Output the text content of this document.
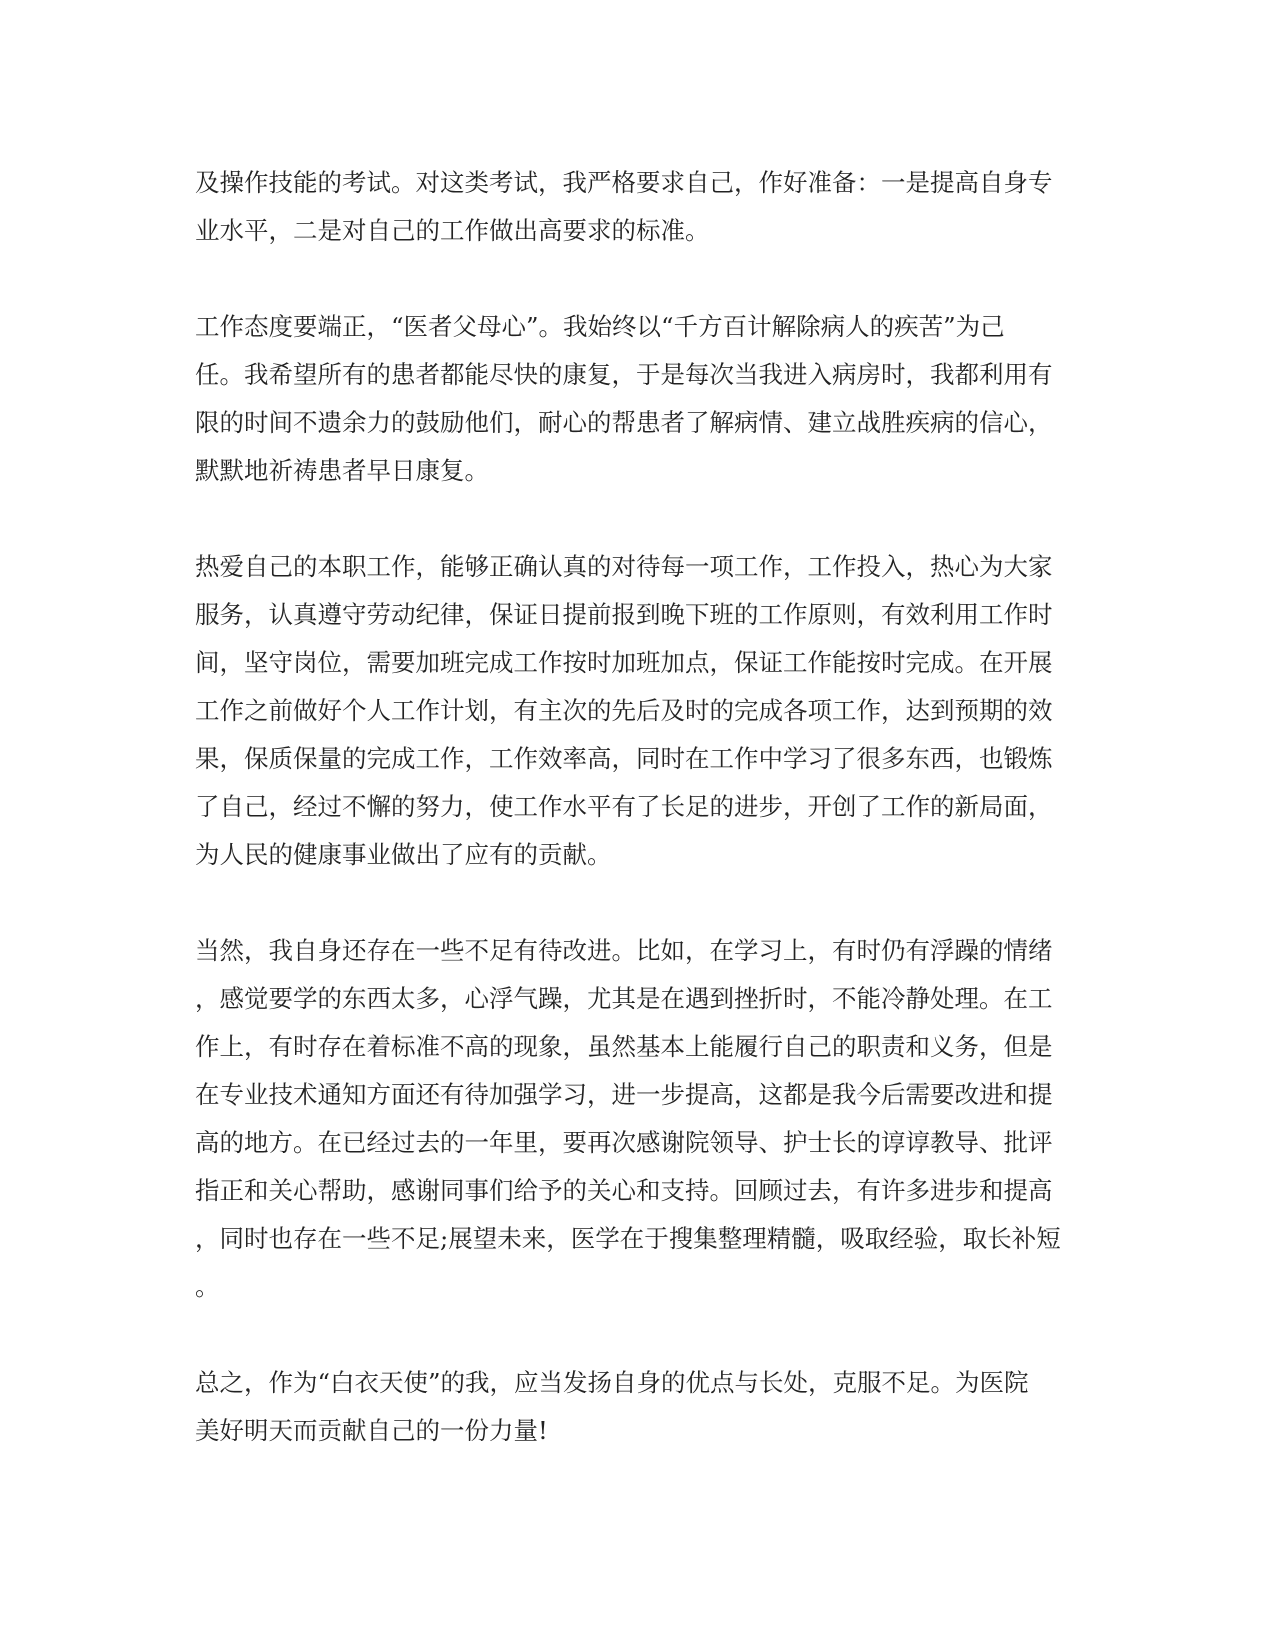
及操作技能的考试。对这类考试，我严格要求自己，作好准备：一是提高自身专
业水平，二是对自己的工作做出高要求的标准。
工作态度要端正，“医者父母心”。我始终以“千方百计解除病人的疾苦”为己
任。我希望所有的患者都能尽快的康复，于是每次当我进入病房时，我都利用有
限的时间不遗余力的鼓励他们，耐心的帮患者了解病情、建立战胜疾病的信心，
默默地祈祷患者早日康复。
热爱自己的本职工作，能够正确认真的对待每一项工作，工作投入，热心为大家
服务，认真遵守劳动纪律，保证日提前报到晚下班的工作原则，有效利用工作时
间，坚守岗位，需要加班完成工作按时加班加点，保证工作能按时完成。在开展
工作之前做好个人工作计划，有主次的先后及时的完成各项工作，达到预期的效
果，保质保量的完成工作，工作效率高，同时在工作中学习了很多东西，也锻炼
了自己，经过不懈的努力，使工作水平有了长足的进步，开创了工作的新局面，
为人民的健康事业做出了应有的贡献。
当然，我自身还存在一些不足有待改进。比如，在学习上，有时仍有浮躁的情绪
，感觉要学的东西太多，心浮气躁，尤其是在遇到挫折时，不能冷静处理。在工
作上，有时存在着标准不高的现象，虽然基本上能履行自己的职责和义务，但是
在专业技术通知方面还有待加强学习，进一步提高，这都是我今后需要改进和提
高的地方。在已经过去的一年里，要再次感谢院领导、护士长的谆谆教导、批评
指正和关心帮助，感谢同事们给予的关心和支持。回顾过去，有许多进步和提高
，同时也存在一些不足;展望未来，医学在于搜集整理精髓，吸取经验，取长补短
。
总之，作为“白衣天使”的我，应当发扬自身的优点与长处，克服不足。为医院
美好明天而贡献自己的一份力量!
